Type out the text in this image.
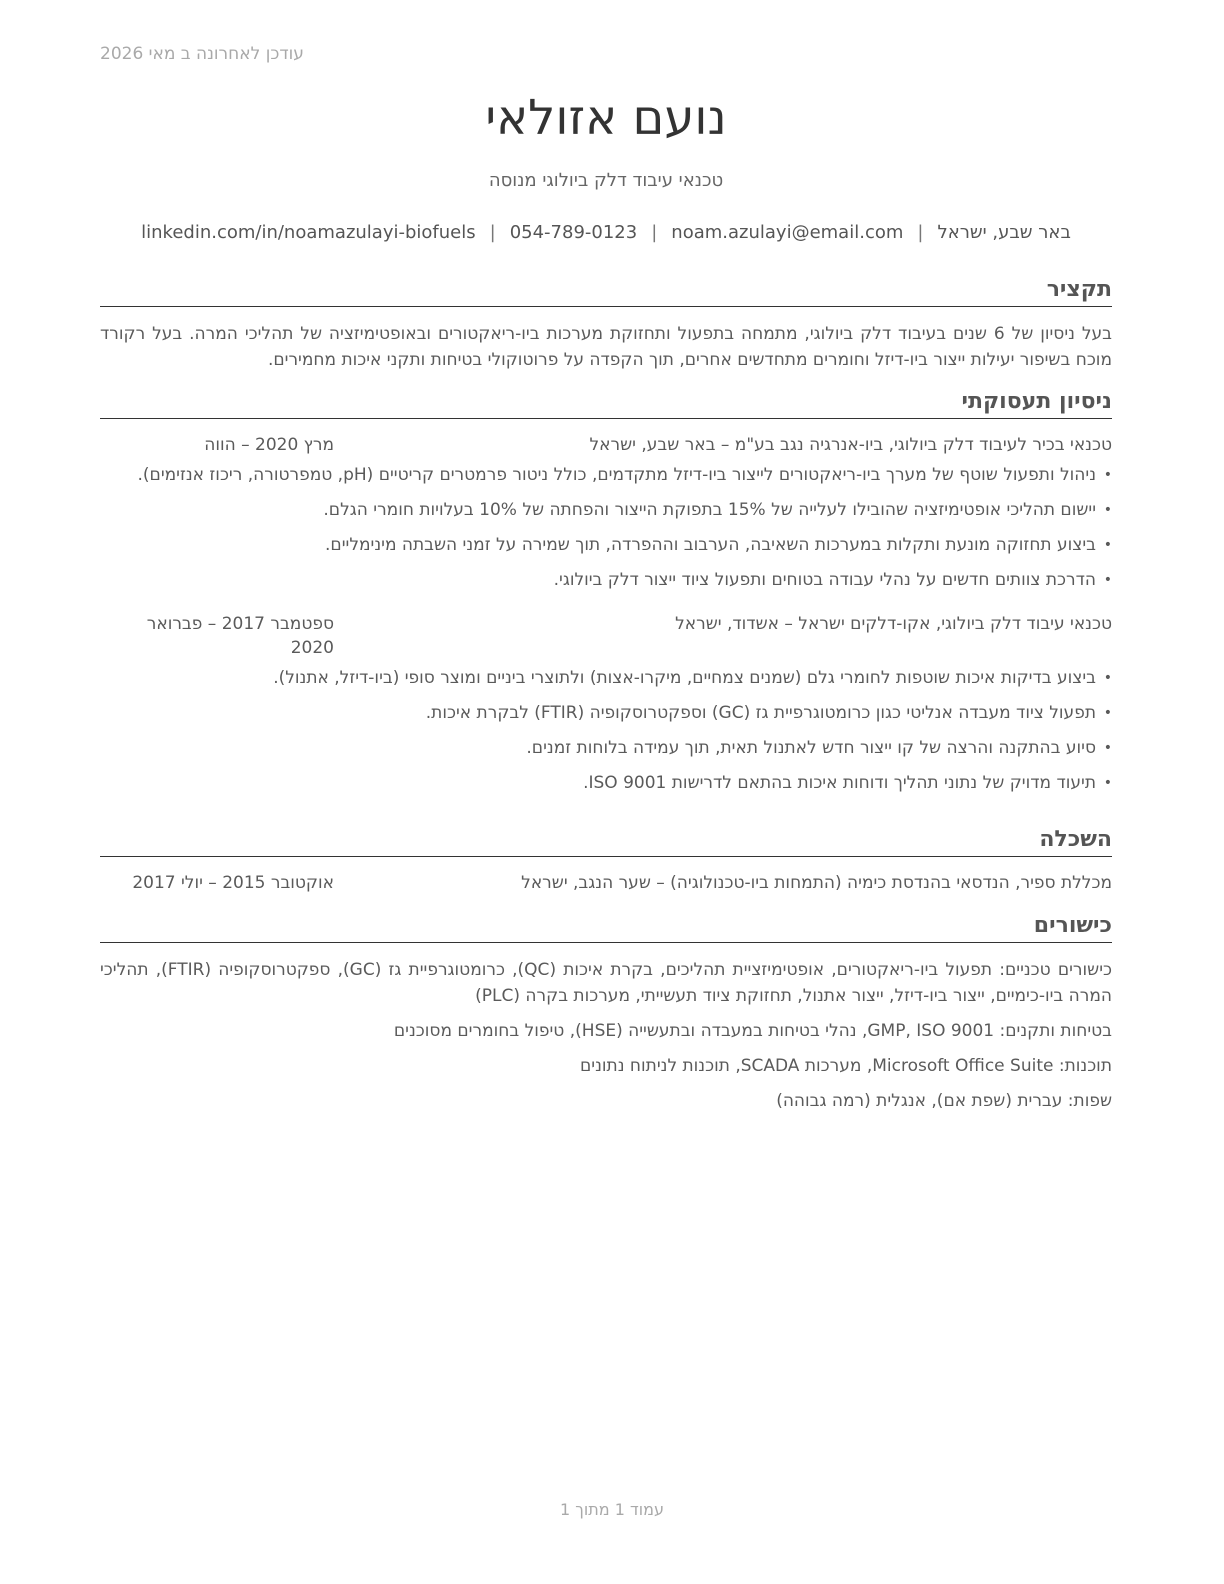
עודכן לאחרונה ב מאי 2026
נועם אזולאי
טכנאי עיבוד דלק ביולוגי מנוסה
באר שבע, ישראל|noam.azulayi@email.com|054-789-0123|linkedin.com/in/noamazulayi-biofuels
תקציר
בעל ניסיון של 6 שנים בעיבוד דלק ביולוגי, מתמחה בתפעול ותחזוקת מערכות ביו-ריאקטורים ובאופטימיזציה של תהליכי המרה. בעל רקורד מוכח בשיפור יעילות ייצור ביו-דיזל וחומרים מתחדשים אחרים, תוך הקפדה על פרוטוקולי בטיחות ותקני איכות מחמירים.
ניסיון תעסוקתי
טכנאי בכיר לעיבוד דלק ביולוגי, ביו-אנרגיה נגב בע"מ – באר שבע, ישראל
מרץ 2020 – הווה
• ניהול ותפעול שוטף של מערך ביו-ריאקטורים לייצור ביו-דיזל מתקדמים, כולל ניטור פרמטרים קריטיים (pH, טמפרטורה, ריכוז אנזימים).
• יישום תהליכי אופטימיזציה שהובילו לעלייה של 15% בתפוקת הייצור והפחתה של 10% בעלויות חומרי הגלם.
• ביצוע תחזוקה מונעת ותקלות במערכות השאיבה, הערבוב וההפרדה, תוך שמירה על זמני השבתה מינימליים.
• הדרכת צוותים חדשים על נהלי עבודה בטוחים ותפעול ציוד ייצור דלק ביולוגי.
טכנאי עיבוד דלק ביולוגי, אקו-דלקים ישראל – אשדוד, ישראל
ספטמבר 2017 – פברואר 2020
• ביצוע בדיקות איכות שוטפות לחומרי גלם (שמנים צמחיים, מיקרו-אצות) ולתוצרי ביניים ומוצר סופי (ביו-דיזל, אתנול).
• תפעול ציוד מעבדה אנליטי כגון כרומטוגרפיית גז (GC) וספקטרוסקופיה (FTIR) לבקרת איכות.
• סיוע בהתקנה והרצה של קו ייצור חדש לאתנול תאית, תוך עמידה בלוחות זמנים.
• תיעוד מדויק של נתוני תהליך ודוחות איכות בהתאם לדרישות ISO 9001.
השכלה
מכללת ספיר, הנדסאי בהנדסת כימיה (התמחות ביו-טכנולוגיה) – שער הנגב, ישראל
אוקטובר 2015 – יולי 2017
כישורים

כישורים טכניים: תפעול ביו-ריאקטורים, אופטימיזציית תהליכים, בקרת איכות (QC), כרומטוגרפיית גז (GC), ספקטרוסקופיה (FTIR), תהליכי המרה ביו-כימיים, ייצור ביו-דיזל, ייצור אתנול, תחזוקת ציוד תעשייתי, מערכות בקרה (PLC)

בטיחות ותקנים: GMP, ISO 9001, נהלי בטיחות במעבדה ובתעשייה (HSE), טיפול בחומרים מסוכנים

תוכנות: Microsoft Office Suite, מערכות SCADA, תוכנות לניתוח נתונים

שפות: עברית (שפת אם), אנגלית (רמה גבוהה)

עמוד 1 מתוך 1
